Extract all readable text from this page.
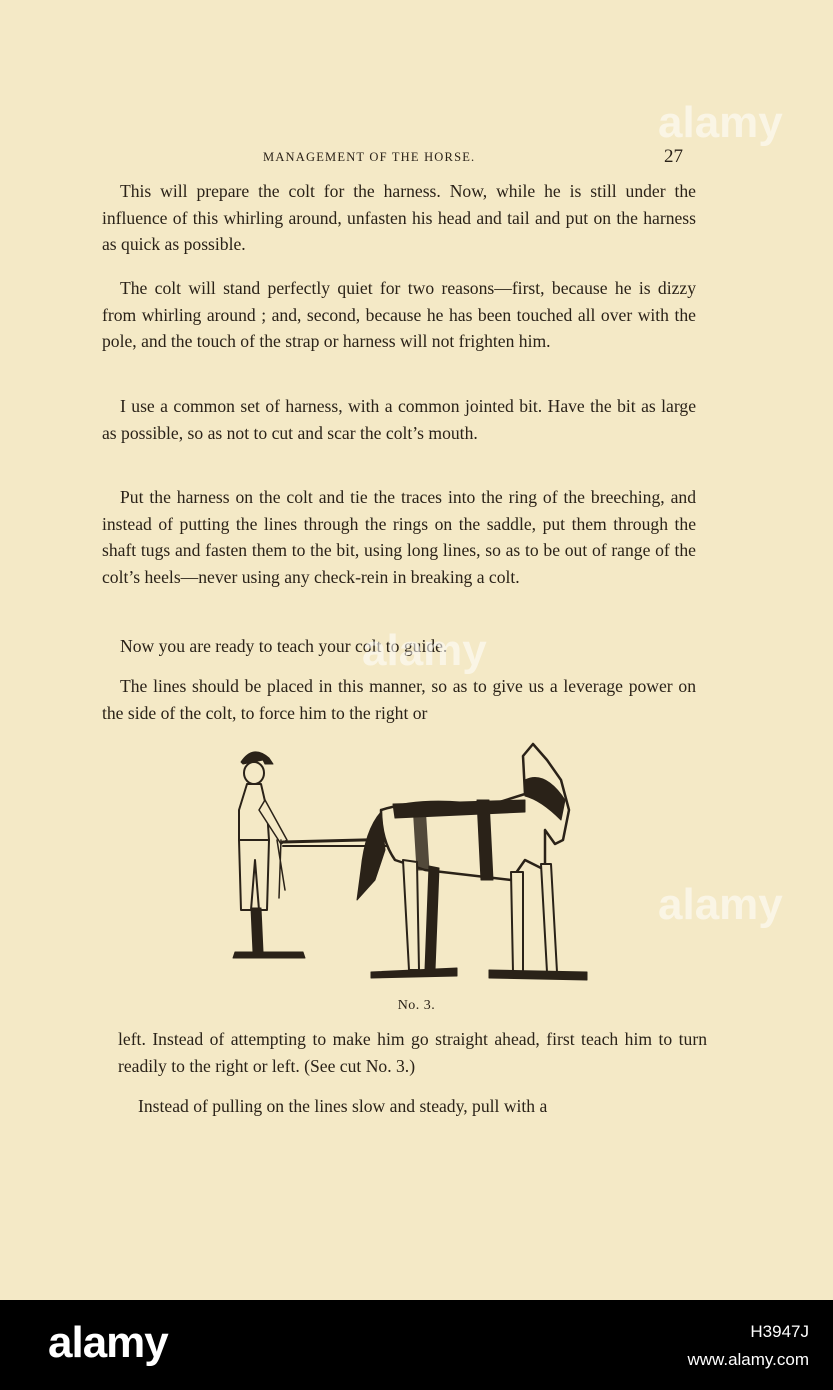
MANAGEMENT OF THE HORSE.	27

This will prepare the colt for the harness. Now, while he is still under the influence of this whirling around, unfasten his head and tail and put on the harness as quick as possible.

The colt will stand perfectly quiet for two reasons—first, because he is dizzy from whirling around ; and, second, because he has been touched all over with the pole, and the touch of the strap or harness will not frighten him.

I use a common set of harness, with a common jointed bit. Have the bit as large as possible, so as not to cut and scar the colt’s mouth.

Put the harness on the colt and tie the traces into the ring of the breeching, and instead of putting the lines through the rings on the saddle, put them through the shaft tugs and fasten them to the bit, using long lines, so as to be out of range of the colt’s heels—never using any check-rein in breaking a colt.

Now you are ready to teach your colt to guide.

The lines should be placed in this manner, so as to give us a leverage power on the side of the colt, to force him to the right or

No. 3.

left. Instead of attempting to make him go straight ahead, first teach him to turn readily to the right or left. (See cut No. 3.)

Instead of pulling on the lines slow and steady, pull with a

alamy
alamy
alamy
alamy	H3947J
www.alamy.com
